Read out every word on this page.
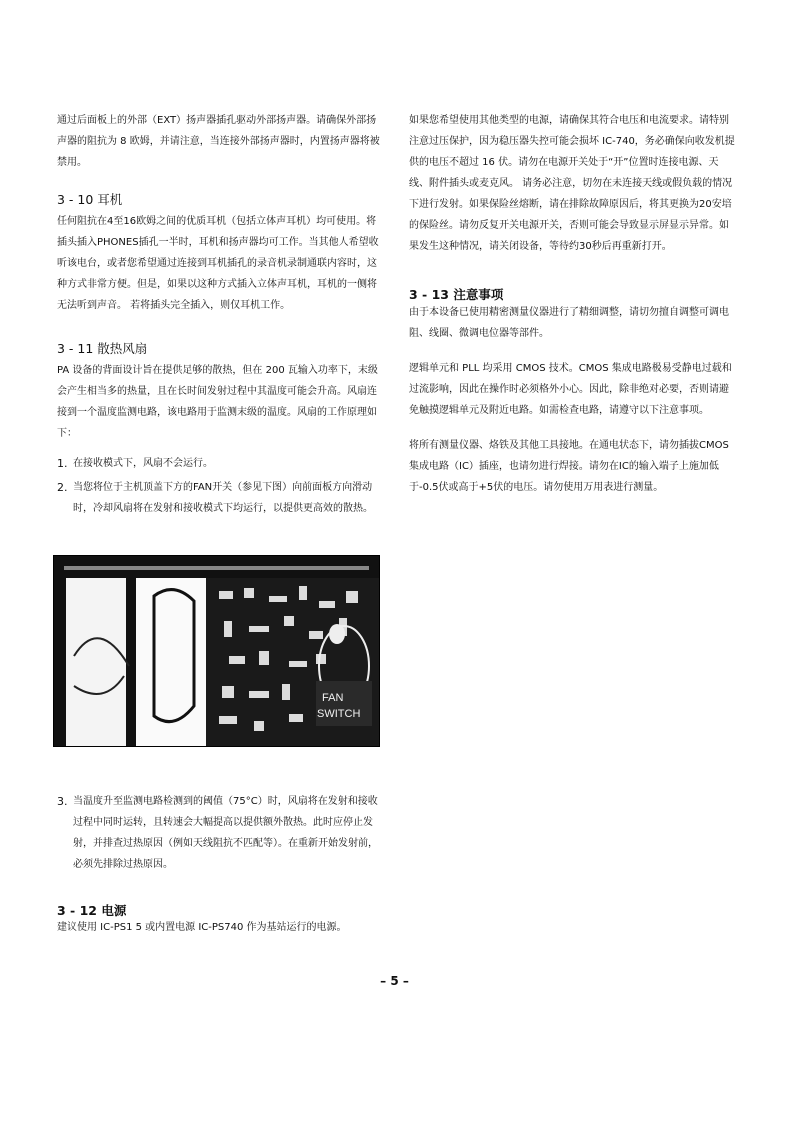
通过后面板上的外部（EXT）扬声器插孔驱动外部扬声器。请确保外部扬声器的阻抗为 8 欧姆，并请注意，当连接外部扬声器时，内置扬声器将被禁用。

3 - 10 耳机

任何阻抗在4至16欧姆之间的优质耳机（包括立体声耳机）均可使用。将插头插入PHONES插孔一半时，耳机和扬声器均可工作。当其他人希望收听该电台，或者您希望通过连接到耳机插孔的录音机录制通联内容时，这种方式非常方便。但是，如果以这种方式插入立体声耳机，耳机的一侧将无法听到声音。 若将插头完全插入，则仅耳机工作。

3 - 11 散热风扇

PA 设备的背面设计旨在提供足够的散热，但在 200 瓦输入功率下，末级会产生相当多的热量，且在长时间发射过程中其温度可能会升高。风扇连接到一个温度监测电路，该电路用于监测末级的温度。风扇的工作原理如下：

1. 在接收模式下，风扇不会运行。
2. 当您将位于主机顶盖下方的FAN开关（参见下图）向前面板方向滑动时，冷却风扇将在发射和接收模式下均运行，以提供更高效的散热。
FAN
SWITCH
3. 当温度升至监测电路检测到的阈值（75°C）时，风扇将在发射和接收过程中同时运转，且转速会大幅提高以提供额外散热。此时应停止发射，并排查过热原因（例如天线阻抗不匹配等）。在重新开始发射前，必须先排除过热原因。
3 - 12 电源

建议使用 IC-PS1 5 或内置电源 IC-PS740 作为基站运行的电源。

如果您希望使用其他类型的电源，请确保其符合电压和电流要求。请特别注意过压保护，因为稳压器失控可能会损坏 IC-740，务必确保向收发机提供的电压不超过 16 伏。请勿在电源开关处于“开”位置时连接电源、天线、附件插头或麦克风。 请务必注意，切勿在未连接天线或假负载的情况下进行发射。如果保险丝熔断，请在排除故障原因后，将其更换为20安培的保险丝。请勿反复开关电源开关，否则可能会导致显示屏显示异常。如果发生这种情况，请关闭设备，等待约30秒后再重新打开。

3 - 13 注意事项

由于本设备已使用精密测量仪器进行了精细调整，请切勿擅自调整可调电阻、线圈、微调电位器等部件。

逻辑单元和 PLL 均采用 CMOS 技术。CMOS 集成电路极易受静电过载和过流影响，因此在操作时必须格外小心。因此，除非绝对必要，否则请避免触摸逻辑单元及附近电路。如需检查电路，请遵守以下注意事项。

将所有测量仪器、烙铁及其他工具接地。在通电状态下，请勿插拔CMOS集成电路（IC）插座，也请勿进行焊接。请勿在IC的输入端子上施加低于-0.5伏或高于+5伏的电压。请勿使用万用表进行测量。

– 5 –
